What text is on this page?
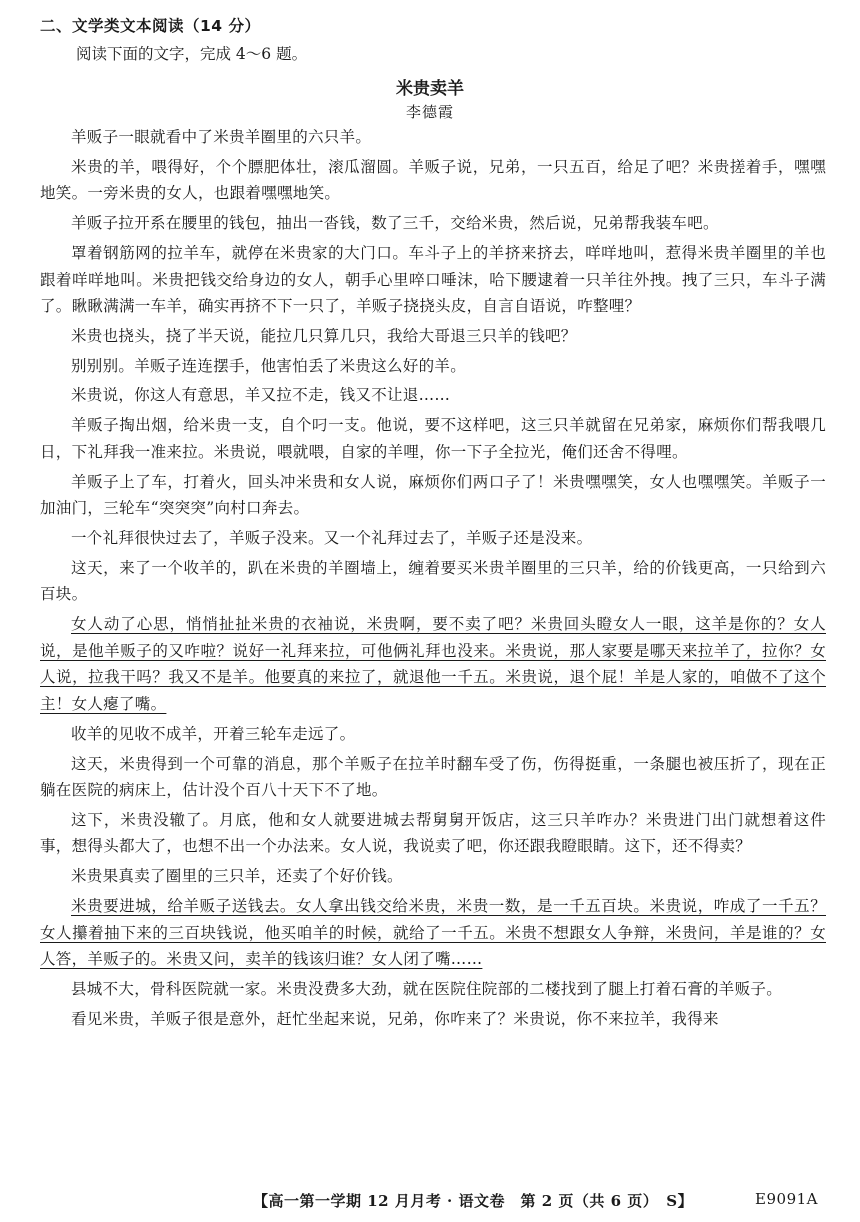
二、文学类文本阅读（14 分）
阅读下面的文字，完成 4～6 题。
米贵卖羊
李德霞

羊贩子一眼就看中了米贵羊圈里的六只羊。

米贵的羊，喂得好，个个膘肥体壮，滚瓜溜圆。羊贩子说，兄弟，一只五百，给足了吧？米贵搓着手，嘿嘿地笑。一旁米贵的女人，也跟着嘿嘿地笑。

羊贩子拉开系在腰里的钱包，抽出一沓钱，数了三千，交给米贵，然后说，兄弟帮我装车吧。

罩着钢筋网的拉羊车，就停在米贵家的大门口。车斗子上的羊挤来挤去，咩咩地叫，惹得米贵羊圈里的羊也跟着咩咩地叫。米贵把钱交给身边的女人，朝手心里啐口唾沫，哈下腰逮着一只羊往外拽。拽了三只，车斗子满了。瞅瞅满满一车羊，确实再挤不下一只了，羊贩子挠挠头皮，自言自语说，咋整哩？

米贵也挠头，挠了半天说，能拉几只算几只，我给大哥退三只羊的钱吧？

别别别。羊贩子连连摆手，他害怕丢了米贵这么好的羊。

米贵说，你这人有意思，羊又拉不走，钱又不让退……

羊贩子掏出烟，给米贵一支，自个叼一支。他说，要不这样吧，这三只羊就留在兄弟家，麻烦你们帮我喂几日，下礼拜我一准来拉。米贵说，喂就喂，自家的羊哩，你一下子全拉光，俺们还舍不得哩。

羊贩子上了车，打着火，回头冲米贵和女人说，麻烦你们两口子了！米贵嘿嘿笑，女人也嘿嘿笑。羊贩子一加油门，三轮车“突突突”向村口奔去。

一个礼拜很快过去了，羊贩子没来。又一个礼拜过去了，羊贩子还是没来。

这天，来了一个收羊的，趴在米贵的羊圈墙上，缠着要买米贵羊圈里的三只羊，给的价钱更高，一只给到六百块。

女人动了心思，悄悄扯扯米贵的衣袖说，米贵啊，要不卖了吧？米贵回头瞪女人一眼，这羊是你的？女人说，是他羊贩子的又咋啦？说好一礼拜来拉，可他俩礼拜也没来。米贵说，那人家要是哪天来拉羊了，拉你？女人说，拉我干吗？我又不是羊。他要真的来拉了，就退他一千五。米贵说，退个屁！羊是人家的，咱做不了这个主！女人瘪了嘴。

收羊的见收不成羊，开着三轮车走远了。

这天，米贵得到一个可靠的消息，那个羊贩子在拉羊时翻车受了伤，伤得挺重，一条腿也被压折了，现在正躺在医院的病床上，估计没个百八十天下不了地。

这下，米贵没辙了。月底，他和女人就要进城去帮舅舅开饭店，这三只羊咋办？米贵进门出门就想着这件事，想得头都大了，也想不出一个办法来。女人说，我说卖了吧，你还跟我瞪眼睛。这下，还不得卖？

米贵果真卖了圈里的三只羊，还卖了个好价钱。

米贵要进城，给羊贩子送钱去。女人拿出钱交给米贵，米贵一数，是一千五百块。米贵说，咋成了一千五？女人攥着抽下来的三百块钱说，他买咱羊的时候，就给了一千五。米贵不想跟女人争辩，米贵问，羊是谁的？女人答，羊贩子的。米贵又问，卖羊的钱该归谁？女人闭了嘴……

县城不大，骨科医院就一家。米贵没费多大劲，就在医院住院部的二楼找到了腿上打着石膏的羊贩子。

看见米贵，羊贩子很是意外，赶忙坐起来说，兄弟，你咋来了？米贵说，你不来拉羊，我得来

【高一第一学期 12 月月考 · 语文卷　第 2 页（共 6 页）　S】	E9091A
